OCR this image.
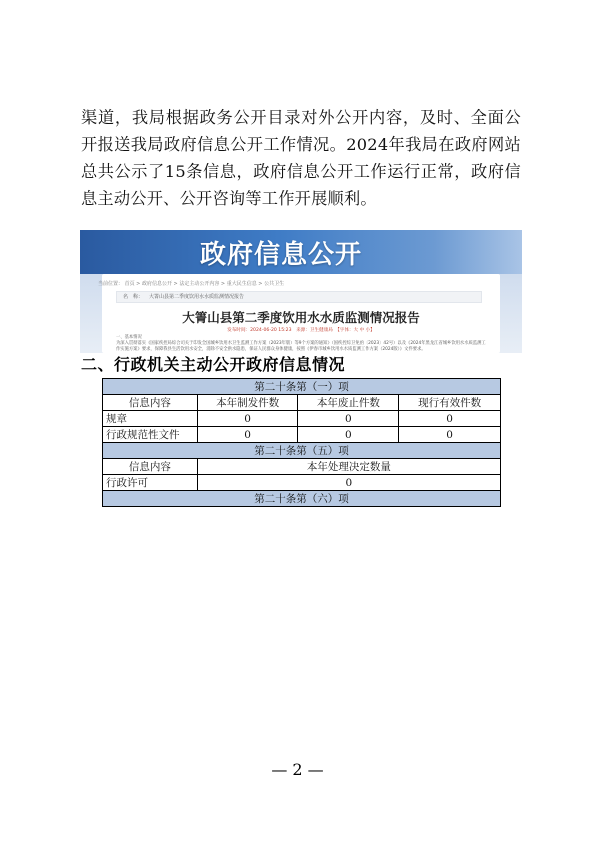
渠道，我局根据政务公开目录对外公开内容，及时、全面公开报送我局政府信息公开工作情况。2024年我局在政府网站总共公示了15条信息，政府信息公开工作运行正常，政府信息主动公开、公开咨询等工作开展顺利。

政府信息公开
当前位置： 首页 > 政府信息公开 > 法定主动公开内容 > 重大民生信息 > 公共卫生
名　称： 大箐山县第二季度饮用水水质监测情况报告
大箐山县第二季度饮用水水质监测情况报告
发布时间：2024-06-20 15:23　来源：卫生健康局　【字体：大 中 小】

一、基本情况

为深入贯彻落实《国家疾控局综合司关于印发全国城乡饮用水卫生监测工作方案（2023年版）等9个方案的通知》（国疾控综卫免函〔2023〕42号）以及《2024年黑龙江省城乡饮用水水质监测工作实施方案》要求，保障我县生活饮用水安全，消除不安全供水隐患，保证人民群众身体健康，按照《伊春市城乡饮用水水质监测工作方案（2024版）》文件要求。

二、行政机关主动公开政府信息情况
第二十条第（一）项			
信息内容	本年制发件数	本年废止件数	现行有效件数
规章	0	0	0
行政规范性文件	0	0	0
第二十条第（五）项			
信息内容	本年处理决定数量		
行政许可	0		
第二十条第（六）项			
— 2 —
